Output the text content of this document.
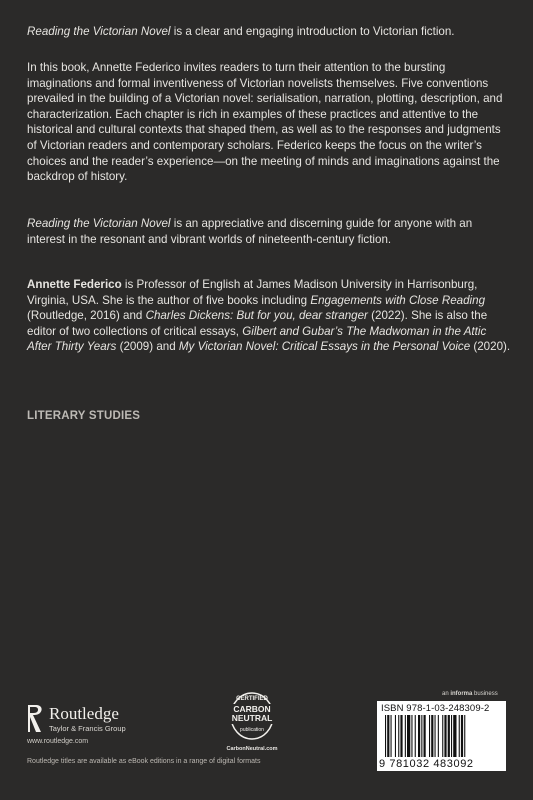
Reading the Victorian Novel is a clear and engaging introduction to Victorian fiction.

In this book, Annette Federico invites readers to turn their attention to the bursting imaginations and formal inventiveness of Victorian novelists themselves. Five conventions prevailed in the building of a Victorian novel: serialisation, narration, plotting, description, and characterization. Each chapter is rich in examples of these practices and attentive to the historical and cultural contexts that shaped them, as well as to the responses and judgments of Victorian readers and contemporary scholars. Federico keeps the focus on the writer’s choices and the reader’s experience—on the meeting of minds and imaginations against the backdrop of history.

Reading the Victorian Novel is an appreciative and discerning guide for anyone with an interest in the resonant and vibrant worlds of nineteenth-century fiction.

Annette Federico is Professor of English at James Madison University in Harrisonburg, Virginia, USA. She is the author of five books including Engagements with Close Reading (Routledge, 2016) and Charles Dickens: But for you, dear stranger (2022). She is also the editor of two collections of critical essays, Gilbert and Gubar’s The Madwoman in the Attic After Thirty Years (2009) and My Victorian Novel: Critical Essays in the Personal Voice (2020).

LITERARY STUDIES
Routledge
Taylor & Francis Group
www.routledge.com
CERTIFIED
CARBON
NEUTRAL
publication
CarbonNeutral.com
an informa business
ISBN 978-1-03-248309-2
9 781032 483092
Routledge titles are available as eBook editions in a range of digital formats
